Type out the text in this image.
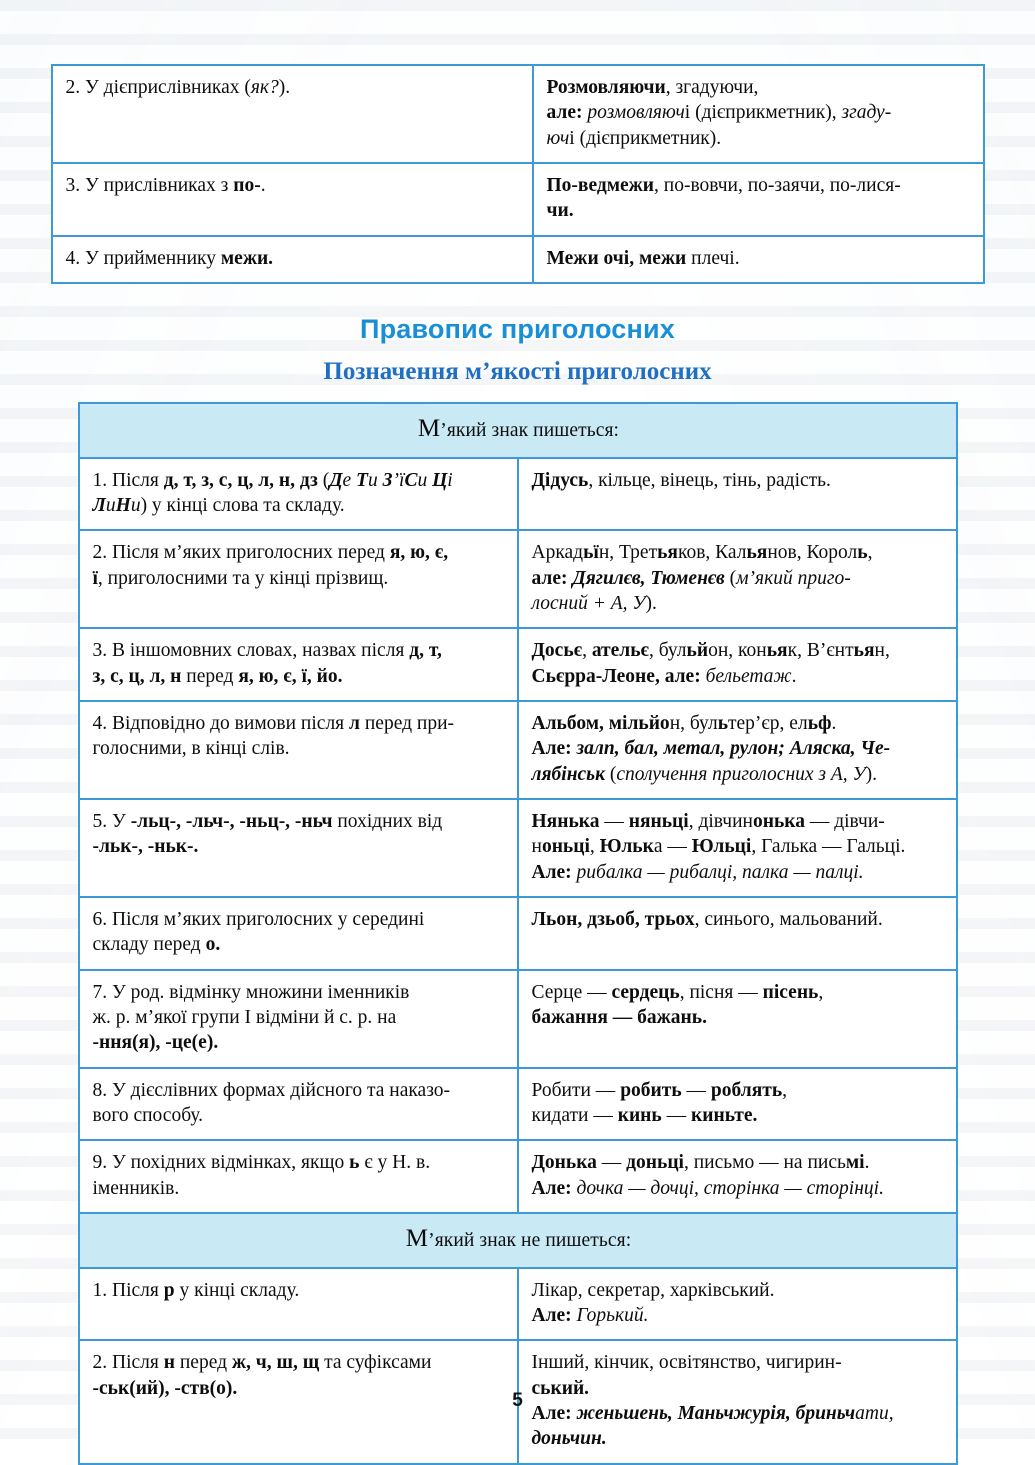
2. У дієприслівниках (як?).	Розмовляючи, згадуючи,
але: розмовляючі (дієприкметник), згаду-
ючі (дієприкметник).
3. У прислівниках з по-.	По-ведмежи, по-вовчи, по-заячи, по-лися-
чи.
4. У прийменнику межи.	Межи очі, межи плечі.
Правопис приголосних
Позначення м’якості приголосних
М’який знак пишеться:	
1. Після д, т, з, с, ц, л, н, дз (Де Ти З’їСи Ці
ЛиНи) у кінці слова та складу.	Дідусь, кільце, вінець, тінь, радість.
2. Після м’яких приголосних перед я, ю, є,
ї, приголосними та у кінці прізвищ.	Аркадьїн, Третьяков, Кальянов, Король,
але: Дягилєв, Тюменєв (м’який приго-
лосний + А, У).
3. В іншомовних словах, назвах після д, т,
з, с, ц, л, н перед я, ю, є, ї, йо.	Досьє, ательє, бульйон, коньяк, В’єнтьян,
Сьєрра-Леоне, але: бельетаж.
4. Відповідно до вимови після л перед при-
голосними, в кінці слів.	Альбом, мільйон, бультер’єр, ельф.
Але: залп, бал, метал, рулон; Аляска, Че-
лябінськ (сполучення приголосних з А, У).
5. У -льц-, -льч-, -ньц-, -ньч похідних від
-льк-, -ньк-.	Нянька — няньці, дівчинонька — дівчи-
ноньці, Юлька — Юльці, Галька — Гальці.
Але: рибалка — рибалці, палка — палці.
6. Після м’яких приголосних у середині
складу перед о.	Льон, дзьоб, трьох, синього, мальований.
7. У род. відмінку множини іменників
ж. р. м’якої групи І відміни й с. р. на
-ння(я), -це(е).	Серце — сердець, пісня — пісень,
бажання — бажань.
8. У дієслівних формах дійсного та наказо-
вого способу.	Робити — робить — роблять,
кидати — кинь — киньте.
9. У похідних відмінках, якщо ь є у Н. в.
іменників.	Донька — доньці, письмо — на письмі.
Але: дочка — дочці, сторінка — сторінці.
М’який знак не пишеться:	
1. Після р у кінці складу.	Лікар, секретар, харківський.
Але: Горький.
2. Після н перед ж, ч, ш, щ та суфіксами
-ськ(ий), -ств(о).	Інший, кінчик, освітянство, чигирин-
ський.
Але: женьшень, Маньчжурія, бриньчати,
доньчин.
5
